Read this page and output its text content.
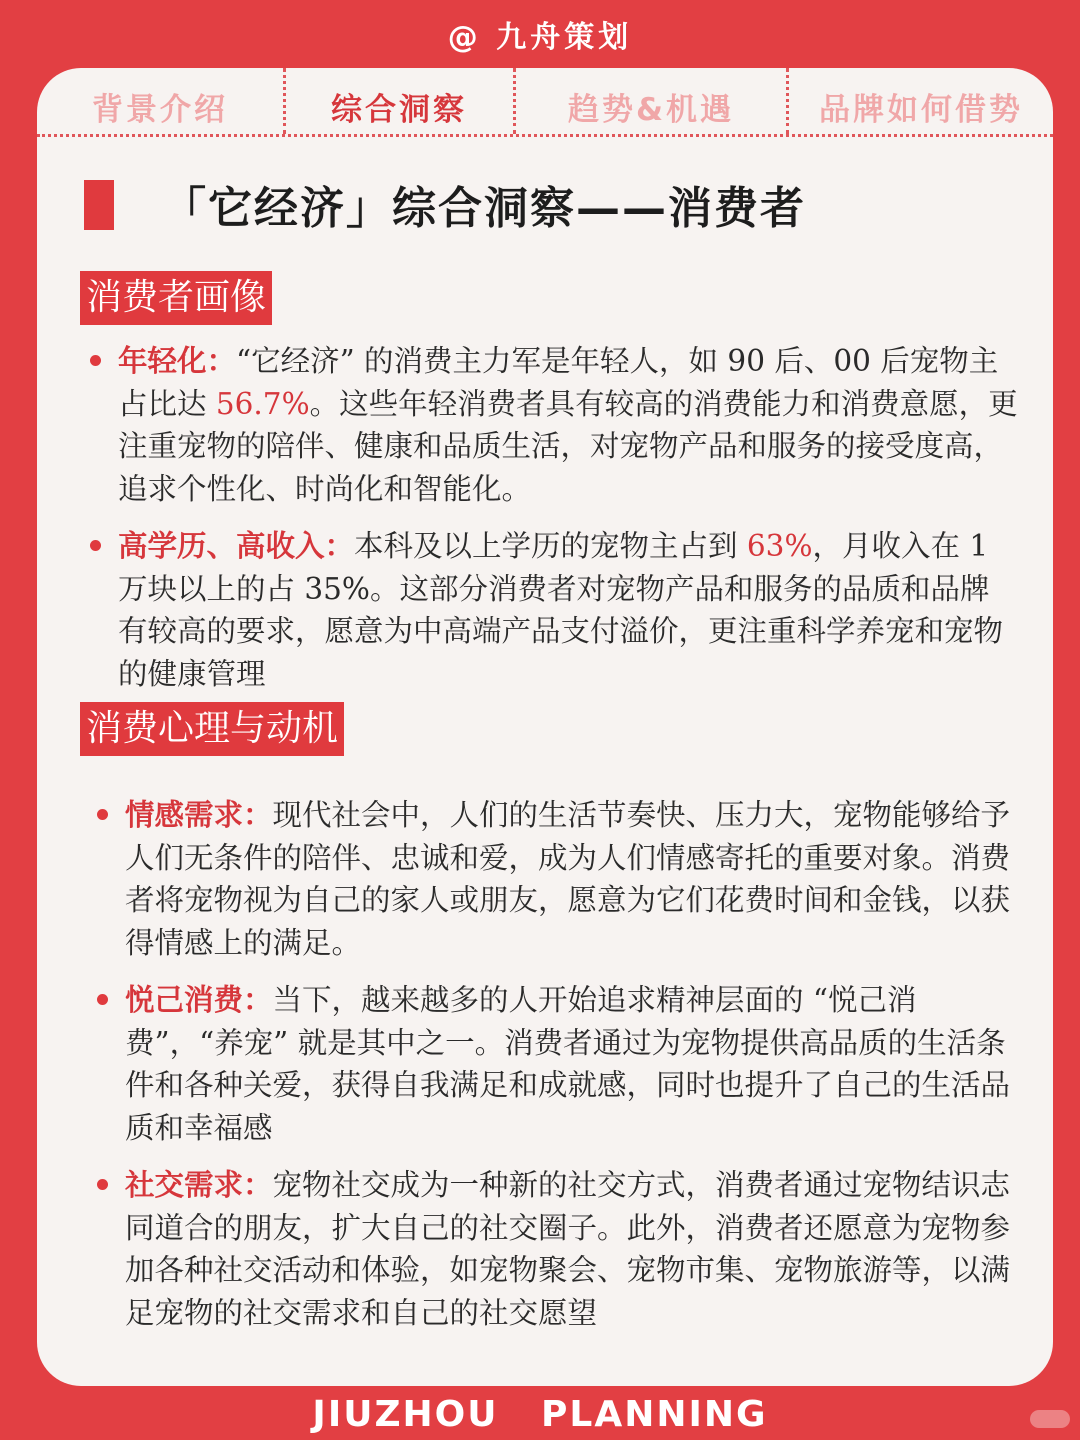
@ 九舟策划
背景介绍	综合洞察	趋势&机遇	品牌如何借势
「它经济」综合洞察——消费者
消费者画像
年轻化：“它经济” 的消费主力军是年轻人，如 90 后、00 后宠物主占比达 56.7%。这些年轻消费者具有较高的消费能力和消费意愿，更注重宠物的陪伴、健康和品质生活，对宠物产品和服务的接受度高，追求个性化、时尚化和智能化。
高学历、高收入：本科及以上学历的宠物主占到 63%，月收入在 1 万块以上的占 35%。这部分消费者对宠物产品和服务的品质和品牌有较高的要求，愿意为中高端产品支付溢价，更注重科学养宠和宠物的健康管理
消费心理与动机
情感需求：现代社会中，人们的生活节奏快、压力大，宠物能够给予人们无条件的陪伴、忠诚和爱，成为人们情感寄托的重要对象。消费者将宠物视为自己的家人或朋友，愿意为它们花费时间和金钱，以获得情感上的满足。
悦己消费：当下，越来越多的人开始追求精神层面的 “悦己消费”，“养宠” 就是其中之一。消费者通过为宠物提供高品质的生活条件和各种关爱，获得自我满足和成就感，同时也提升了自己的生活品质和幸福感
社交需求：宠物社交成为一种新的社交方式，消费者通过宠物结识志同道合的朋友，扩大自己的社交圈子。此外，消费者还愿意为宠物参加各种社交活动和体验，如宠物聚会、宠物市集、宠物旅游等，以满足宠物的社交需求和自己的社交愿望
JIUZHOU PLANNING
